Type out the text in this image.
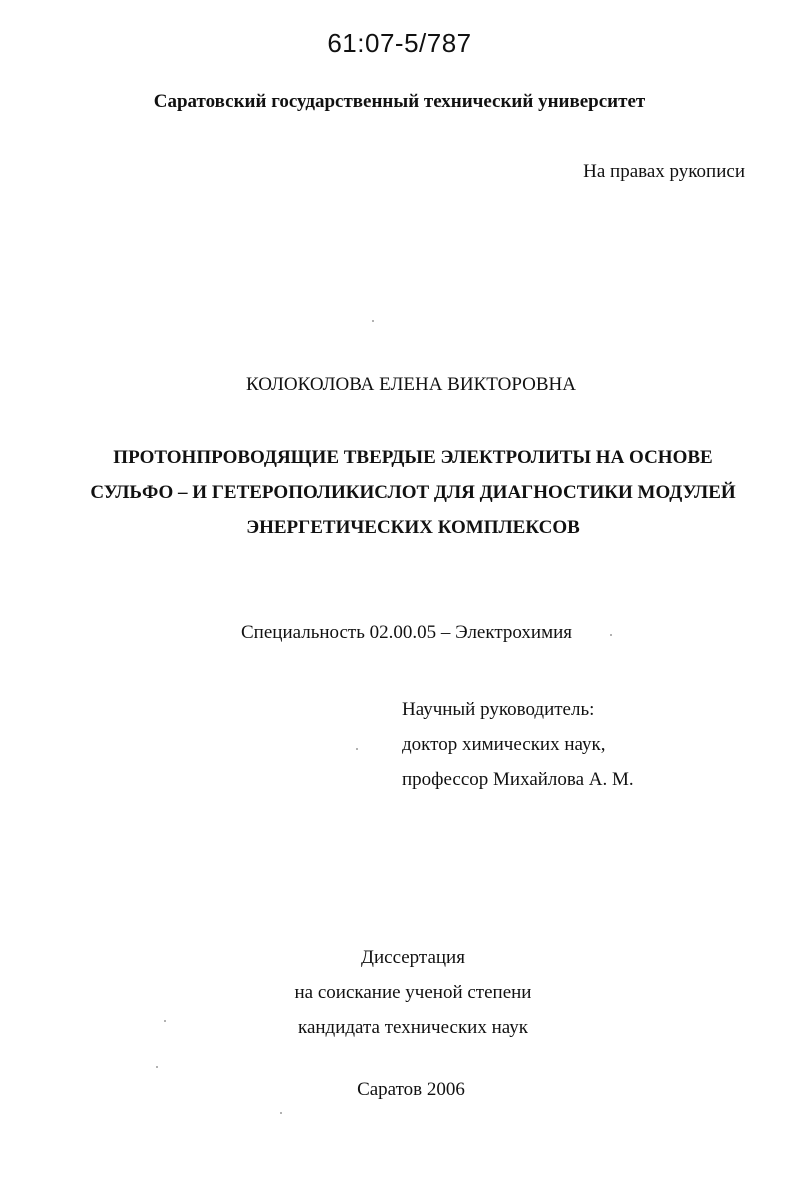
61:07-5/787
Саратовский государственный технический университет
На правах рукописи
КОЛОКОЛОВА ЕЛЕНА ВИКТОРОВНА
ПРОТОНПРОВОДЯЩИЕ ТВЕРДЫЕ ЭЛЕКТРОЛИТЫ НА ОСНОВЕ
СУЛЬФО – И ГЕТЕРОПОЛИКИСЛОТ ДЛЯ ДИАГНОСТИКИ МОДУЛЕЙ
ЭНЕРГЕТИЧЕСКИХ КОМПЛЕКСОВ
Специальность 02.00.05 – Электрохимия
Научный руководитель:
доктор химических наук,
профессор Михайлова А. М.
Диссертация
на соискание ученой степени
кандидата технических наук
Саратов 2006
